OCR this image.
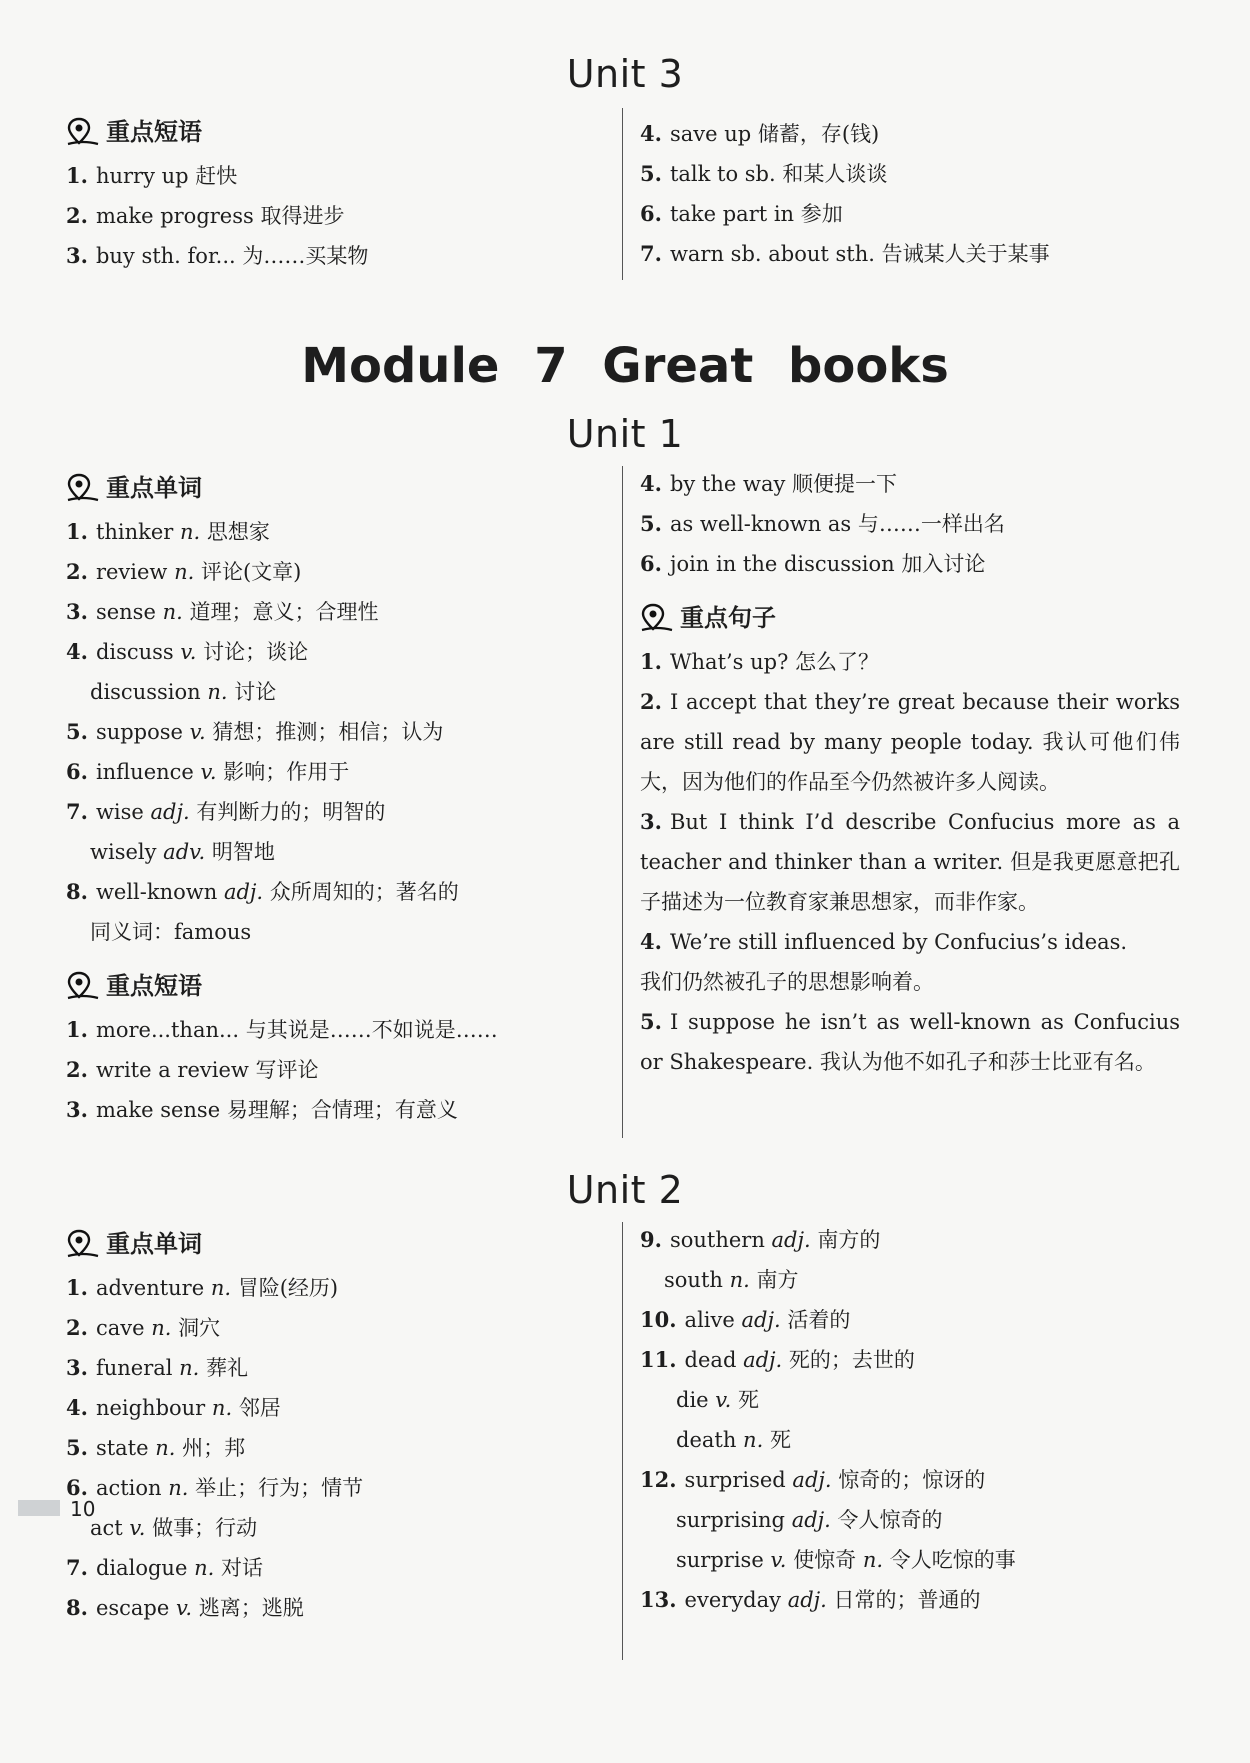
Unit 3
重点短语
1. hurry up 赶快
2. make progress 取得进步
3. buy sth. for... 为……买某物
4. save up 储蓄，存(钱)
5. talk to sb. 和某人谈谈
6. take part in 参加
7. warn sb. about sth. 告诫某人关于某事
Module 7 Great books
Unit 1
重点单词
1. thinker n. 思想家
2. review n. 评论(文章)
3. sense n. 道理；意义；合理性
4. discuss v. 讨论；谈论
discussion n. 讨论
5. suppose v. 猜想；推测；相信；认为
6. influence v. 影响；作用于
7. wise adj. 有判断力的；明智的
wisely adv. 明智地
8. well-known adj. 众所周知的；著名的
同义词：famous
重点短语
1. more...than... 与其说是……不如说是……
2. write a review 写评论
3. make sense 易理解；合情理；有意义
4. by the way 顺便提一下
5. as well-known as 与……一样出名
6. join in the discussion 加入讨论
重点句子
1. What’s up? 怎么了？
2. I accept that they’re great because their works are still read by many people today. 我认可他们伟大，因为他们的作品至今仍然被许多人阅读。
3. But I think I’d describe Confucius more as a teacher and thinker than a writer. 但是我更愿意把孔子描述为一位教育家兼思想家，而非作家。
4. We’re still influenced by Confucius’s ideas.
我们仍然被孔子的思想影响着。
5. I suppose he isn’t as well-known as Confucius or Shakespeare. 我认为他不如孔子和莎士比亚有名。
Unit 2
重点单词
1. adventure n. 冒险(经历)
2. cave n. 洞穴
3. funeral n. 葬礼
4. neighbour n. 邻居
5. state n. 州；邦
6. action n. 举止；行为；情节
act v. 做事；行动
7. dialogue n. 对话
8. escape v. 逃离；逃脱
9. southern adj. 南方的
south n. 南方
10. alive adj. 活着的
11. dead adj. 死的；去世的
die v. 死
death n. 死
12. surprised adj. 惊奇的；惊讶的
surprising adj. 令人惊奇的
surprise v. 使惊奇 n. 令人吃惊的事
13. everyday adj. 日常的；普通的
10
